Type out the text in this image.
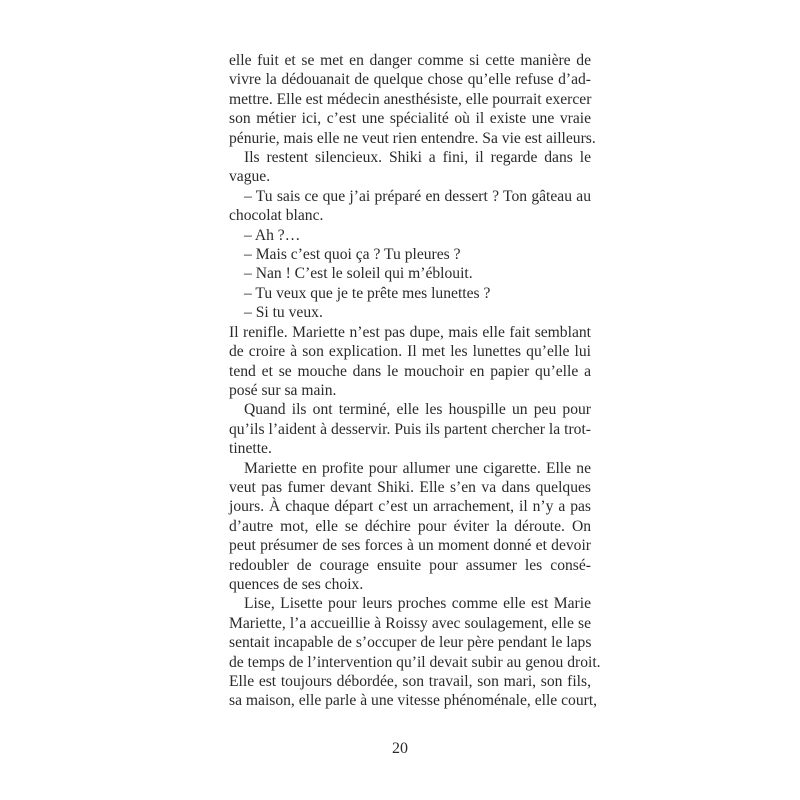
elle fuit et se met en danger comme si cette manière de
vivre la dédouanait de quelque chose qu’elle refuse d’ad-
mettre. Elle est médecin anesthésiste, elle pourrait exercer
son métier ici, c’est une spécialité où il existe une vraie
pénurie, mais elle ne veut rien entendre. Sa vie est ailleurs.
Ils restent silencieux. Shiki a fini, il regarde dans le
vague.
– Tu sais ce que j’ai préparé en dessert ? Ton gâteau au
chocolat blanc.
– Ah ?…
– Mais c’est quoi ça ? Tu pleures ?
– Nan ! C’est le soleil qui m’éblouit.
– Tu veux que je te prête mes lunettes ?
– Si tu veux.
Il renifle. Mariette n’est pas dupe, mais elle fait semblant
de croire à son explication. Il met les lunettes qu’elle lui
tend et se mouche dans le mouchoir en papier qu’elle a
posé sur sa main.
Quand ils ont terminé, elle les houspille un peu pour
qu’ils l’aident à desservir. Puis ils partent chercher la trot-
tinette.
Mariette en profite pour allumer une cigarette. Elle ne
veut pas fumer devant Shiki. Elle s’en va dans quelques
jours. À chaque départ c’est un arrachement, il n’y a pas
d’autre mot, elle se déchire pour éviter la déroute. On
peut présumer de ses forces à un moment donné et devoir
redoubler de courage ensuite pour assumer les consé-
quences de ses choix.
Lise, Lisette pour leurs proches comme elle est Marie
Mariette, l’a accueillie à Roissy avec soulagement, elle se
sentait incapable de s’occuper de leur père pendant le laps
de temps de l’intervention qu’il devait subir au genou droit.
Elle est toujours débordée, son travail, son mari, son fils,
sa maison, elle parle à une vitesse phénoménale, elle court,
20
